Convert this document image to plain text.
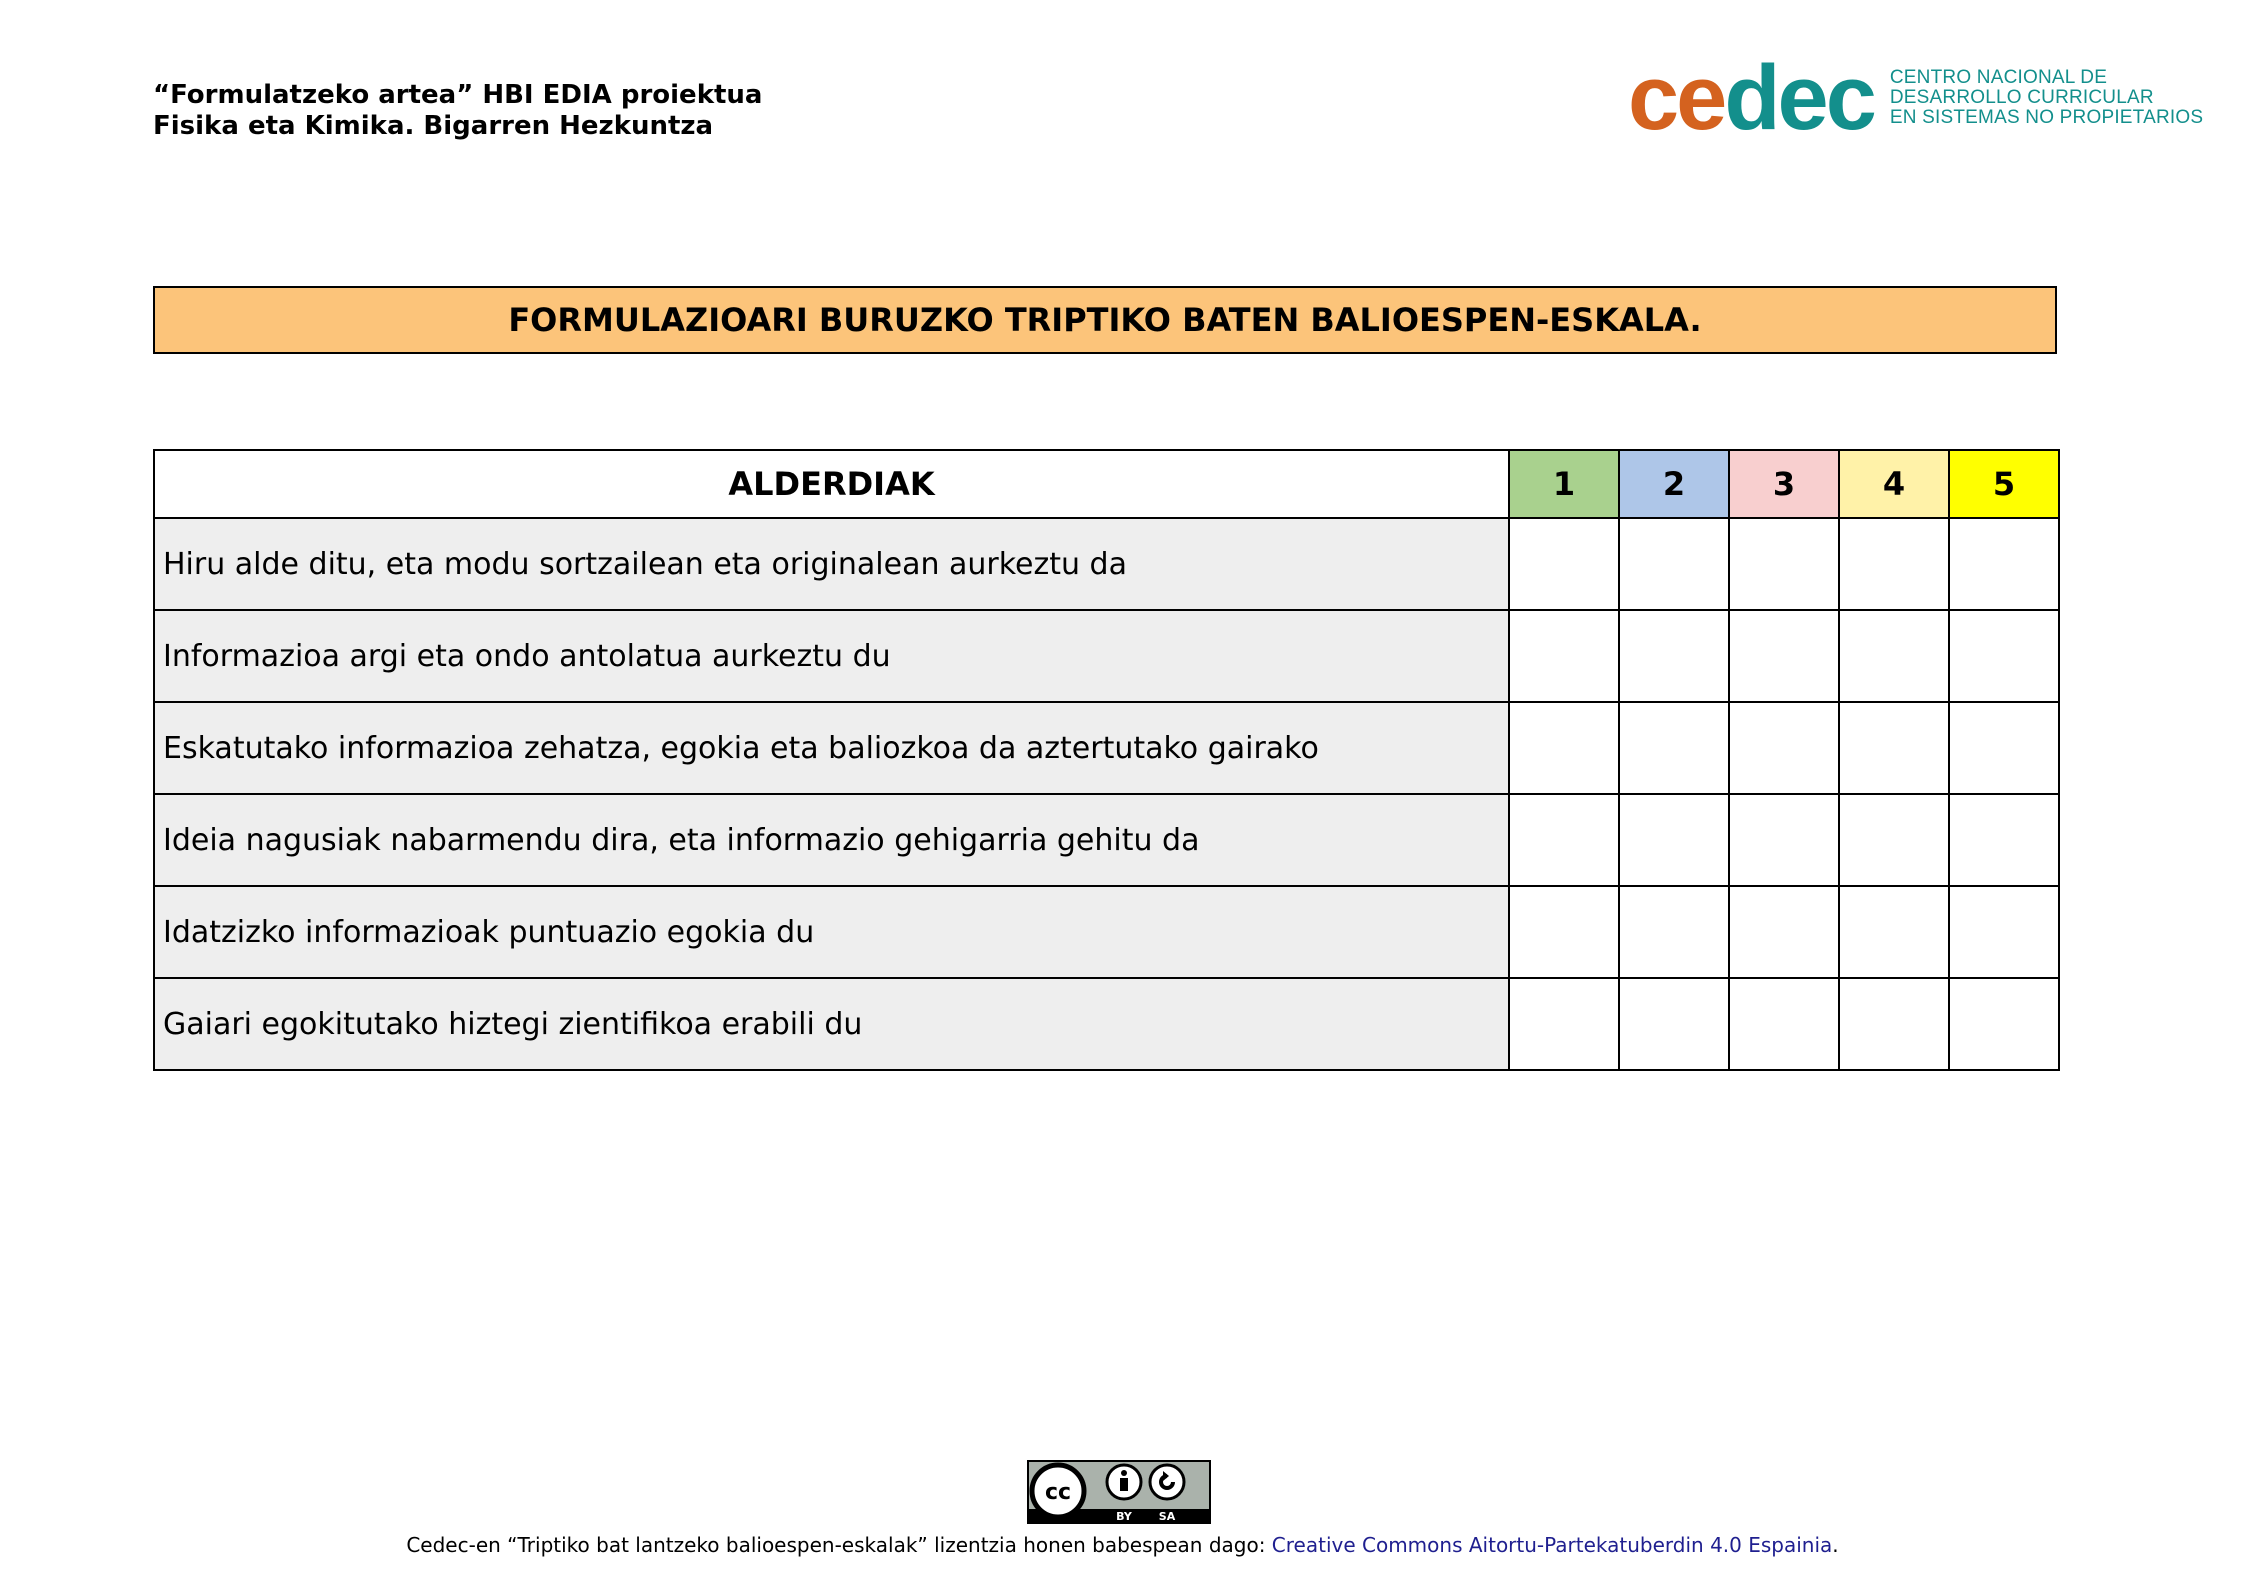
“Formulatzeko artea” HBI EDIA proiektua
Fisika eta Kimika. Bigarren Hezkuntza	cedec CENTRO NACIONAL DE
DESARROLLO CURRICULAR
EN SISTEMAS NO PROPIETARIOS
FORMULAZIOARI BURUZKO TRIPTIKO BATEN BALIOESPEN-ESKALA.
ALDERDIAK	1	2	3	4	5
Hiru alde ditu, eta modu sortzailean eta originalean aurkeztu da					
Informazioa argi eta ondo antolatua aurkeztu du					
Eskatutako informazioa zehatza, egokia eta baliozkoa da aztertutako gairako					
Ideia nagusiak nabarmendu dira, eta informazio gehigarria gehitu da					
Idatzizko informazioak puntuazio egokia du					
Gaiari egokitutako hiztegi zientifikoa erabili du					
cc
BY SA
Cedec-en “Triptiko bat lantzeko balioespen-eskalak” lizentzia honen babespean dago: Creative Commons Aitortu-Partekatuberdin 4.0 Espainia.
